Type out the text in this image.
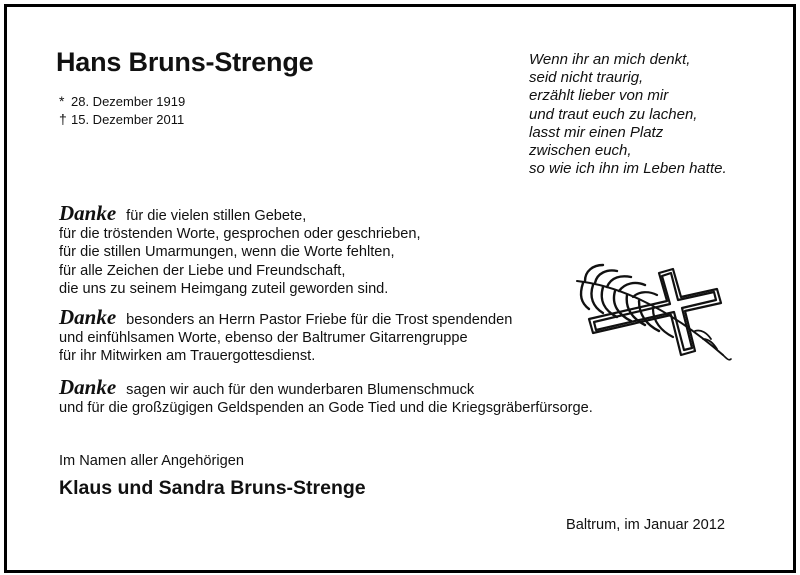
Hans Bruns-Strenge
* 28. Dezember 1919
† 15. Dezember 2011
Wenn ihr an mich denkt,
seid nicht traurig,
erzählt lieber von mir
und traut euch zu lachen,
lasst mir einen Platz
zwischen euch,
so wie ich ihn im Leben hatte.
Danke für die vielen stillen Gebete,
für die tröstenden Worte, gesprochen oder geschrieben,
für die stillen Umarmungen, wenn die Worte fehlten,
für alle Zeichen der Liebe und Freundschaft,
die uns zu seinem Heimgang zuteil geworden sind.
Danke besonders an Herrn Pastor Friebe für die Trost spendenden
und einfühlsamen Worte, ebenso der Baltrumer Gitarrengruppe
für ihr Mitwirken am Trauergottesdienst.
Danke sagen wir auch für den wunderbaren Blumenschmuck
und für die großzügigen Geldspenden an Gode Tied und die Kriegsgräberfürsorge.
Im Namen aller Angehörigen
Klaus und Sandra Bruns-Strenge
Baltrum, im Januar 2012
